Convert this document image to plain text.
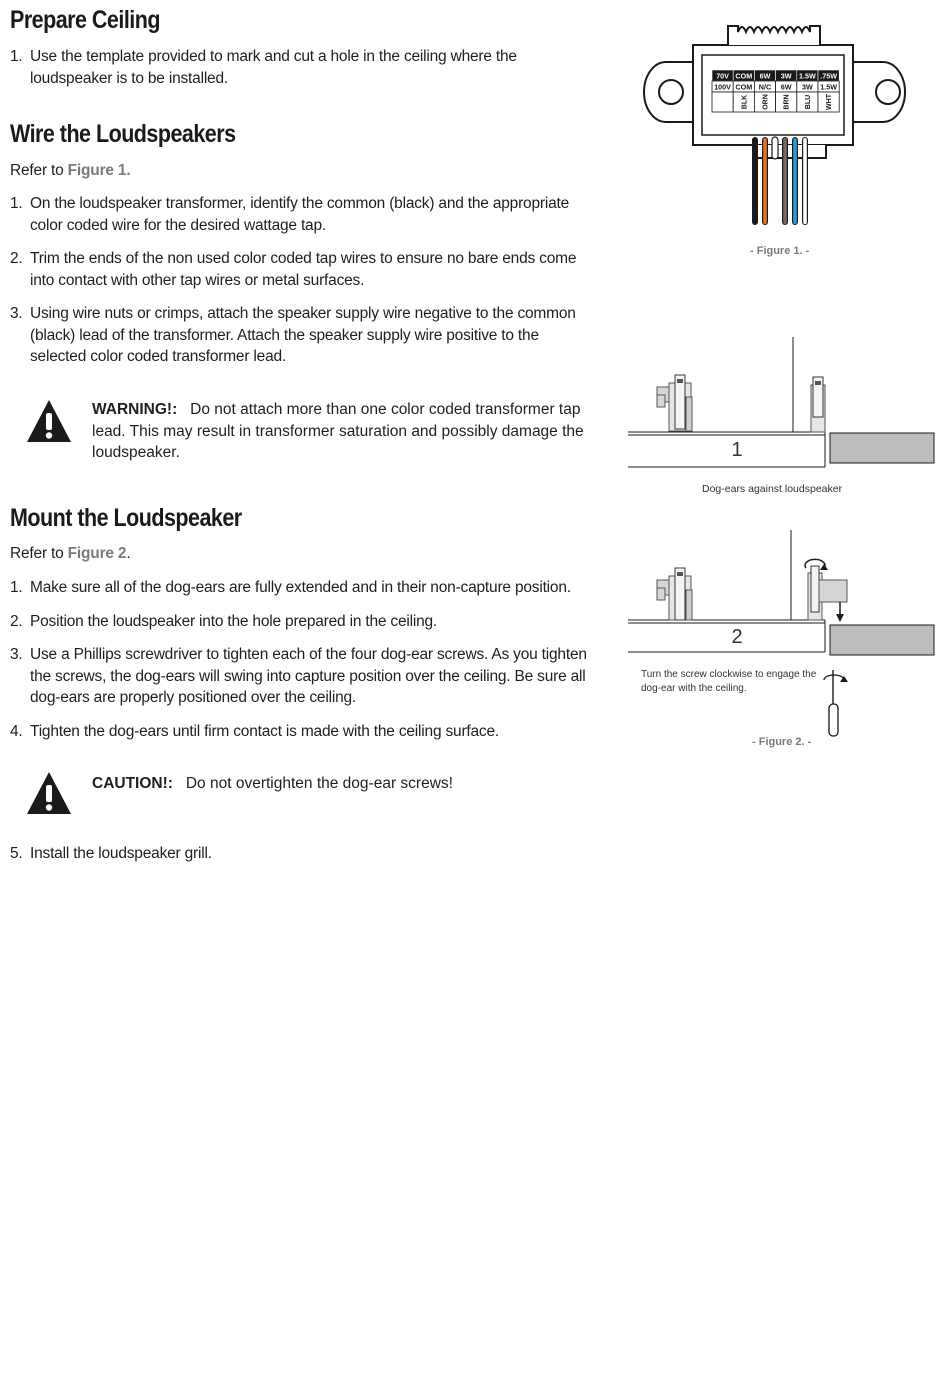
Prepare Ceiling
1. Use the template provided to mark and cut a hole in the ceiling where the loudspeaker is to be installed.
Wire the Loudspeakers
Refer to Figure 1.
1. On the loudspeaker transformer, identify the common (black) and the appropriate color coded wire for the desired wattage tap.
2. Trim the ends of the non used color coded tap wires to ensure no bare ends come into contact with other tap wires or metal surfaces.
3. Using wire nuts or crimps, attach the speaker supply wire negative to the common (black) lead of the transformer. Attach the speaker supply wire positive to the selected color coded transformer lead.
WARNING!: Do not attach more than one color coded transformer tap lead. This may result in transformer saturation and possibly damage the loudspeaker.
Mount the Loudspeaker
Refer to Figure 2.
1. Make sure all of the dog-ears are fully extended and in their non-capture position.
2. Position the loudspeaker into the hole prepared in the ceiling.
3. Use a Phillips screwdriver to tighten each of the four dog-ear screws. As you tighten the screws, the dog-ears will swing into capture position over the ceiling. Be sure all dog-ears are properly positioned over the ceiling.
4. Tighten the dog-ears until firm contact is made with the ceiling surface.
CAUTION!: Do not overtighten the dog-ear screws!
5. Install the loudspeaker grill.
70V COM 6W 3W 1.5W .75W
100V COM N/C 6W 3W 1.5W
BLK ORN BRN BLU WHT
- Figure 1. -
1
Dog-ears against loudspeaker
2
Turn the screw clockwise to engage the
dog-ear with the ceiling.
- Figure 2. -
